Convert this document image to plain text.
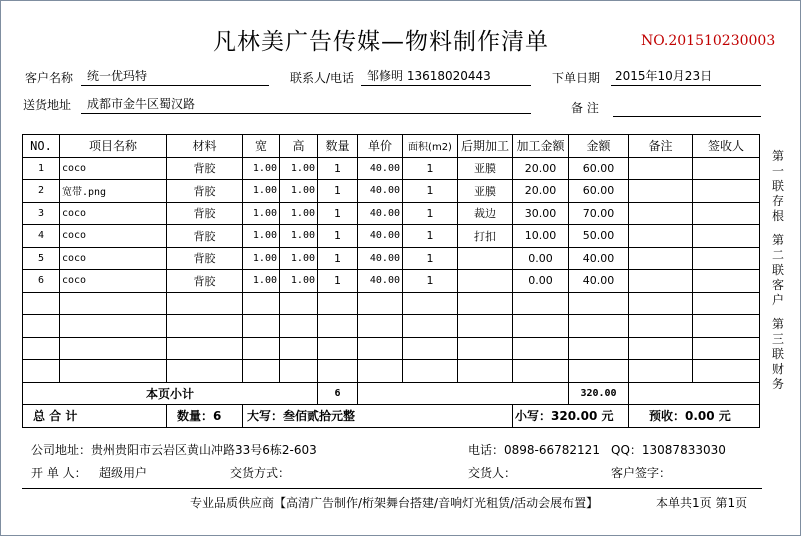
凡林美广告传媒—物料制作清单	NO.201510230003
客户名称 统一优玛特	联系人/电话 邹修明 13618020443	下单日期 2015年10月23日
送货地址 成都市金牛区蜀汉路	备 注
NO.	项目名称	材料	宽	高	数量	单价	面积(m2)	后期加工	加工金额	金额	备注	签收人
1	coco	背胶	1.00	1.00	1	40.00	1	亚膜	20.00	60.00		
2	宽带.png	背胶	1.00	1.00	1	40.00	1	亚膜	20.00	60.00		
3	coco	背胶	1.00	1.00	1	40.00	1	裁边	30.00	70.00		
4	coco	背胶	1.00	1.00	1	40.00	1	打扣	10.00	50.00		
5	coco	背胶	1.00	1.00	1	40.00	1		0.00	40.00		
6	coco	背胶	1.00	1.00	1	40.00	1		0.00	40.00		

本页小计					6					320.00		
总 合 计		数量：6	大写：叁佰贰拾元整						小写：320.00 元		预收：0.00 元	
第一联存根
第二联客户
第三联财务
公司地址：贵州贵阳市云岩区黄山冲路33号6栋2-603	电话：0898-66782121 QQ：13087833030
开 单 人： 超级用户	交货方式：	交货人：	客户签字：
专业品质供应商【高清广告制作/桁架舞台搭建/音响灯光租赁/活动会展布置】	本单共1页 第1页
